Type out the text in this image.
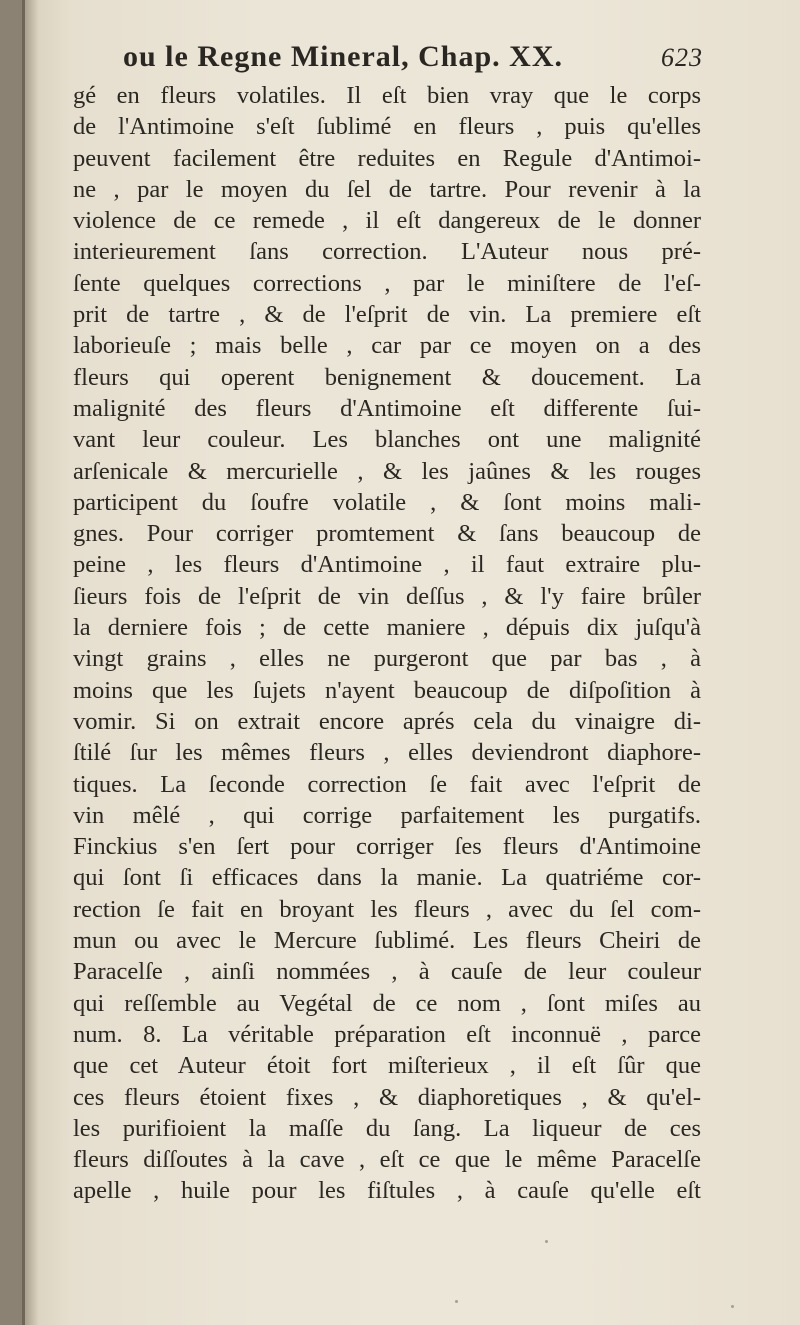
ou le Regne Mineral, Chap. XX.	623
gé en fleurs volatiles. Il eſt bien vray que le corps
de l'Antimoine s'eſt ſublimé en fleurs , puis qu'elles
peuvent facilement être reduites en Regule d'Antimoi-
ne , par le moyen du ſel de tartre. Pour revenir à la
violence de ce remede , il eſt dangereux de le donner
interieurement ſans correction. L'Auteur nous pré-
ſente quelques corrections , par le miniſtere de l'eſ-
prit de tartre , & de l'eſprit de vin. La premiere eſt
laborieuſe ; mais belle , car par ce moyen on a des
fleurs qui operent benignement & doucement. La
malignité des fleurs d'Antimoine eſt differente ſui-
vant leur couleur. Les blanches ont une malignité
arſenicale & mercurielle , & les jaûnes & les rouges
participent du ſoufre volatile , & ſont moins mali-
gnes. Pour corriger promtement & ſans beaucoup de
peine , les fleurs d'Antimoine , il faut extraire plu-
ſieurs fois de l'eſprit de vin deſſus , & l'y faire brûler
la derniere fois ; de cette maniere , dépuis dix juſqu'à
vingt grains , elles ne purgeront que par bas , à
moins que les ſujets n'ayent beaucoup de diſpoſition à
vomir. Si on extrait encore aprés cela du vinaigre di-
ſtilé ſur les mêmes fleurs , elles deviendront diaphore-
tiques. La ſeconde correction ſe fait avec l'eſprit de
vin mêlé , qui corrige parfaitement les purgatifs.
Finckius s'en ſert pour corriger ſes fleurs d'Antimoine
qui ſont ſi efficaces dans la manie. La quatriéme cor-
rection ſe fait en broyant les fleurs , avec du ſel com-
mun ou avec le Mercure ſublimé. Les fleurs Cheiri de
Paracelſe , ainſi nommées , à cauſe de leur couleur
qui reſſemble au Vegétal de ce nom , ſont miſes au
num. 8. La véritable préparation eſt inconnuë , parce
que cet Auteur étoit fort miſterieux , il eſt ſûr que
ces fleurs étoient fixes , & diaphoretiques , & qu'el-
les purifioient la maſſe du ſang. La liqueur de ces
fleurs diſſoutes à la cave , eſt ce que le même Paracelſe
apelle , huile pour les fiſtules , à cauſe qu'elle eſt
